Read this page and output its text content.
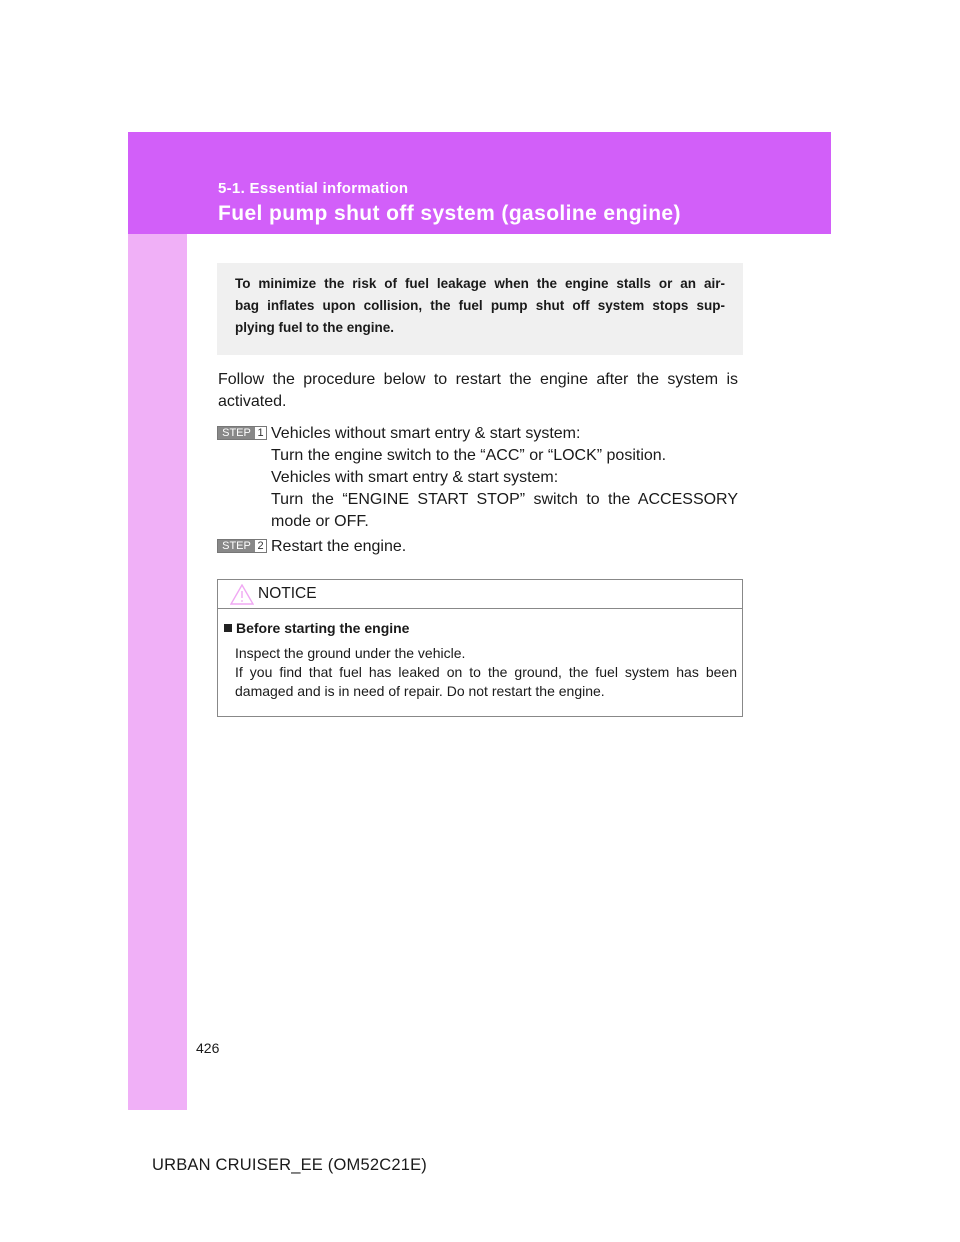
5-1. Essential information
Fuel pump shut off system (gasoline engine)
To minimize the risk of fuel leakage when the engine stalls or an air-
bag inflates upon collision, the fuel pump shut off system stops sup-
plying fuel to the engine.
Follow the procedure below to restart the engine after the system is activated.
STEP 1 Vehicles without smart entry & start system:
Turn the engine switch to the “ACC” or “LOCK” position.
Vehicles with smart entry & start system:
Turn the “ENGINE START STOP” switch to the ACCESSORY
mode or OFF.
STEP 2 Restart the engine.
NOTICE
Before starting the engine
Inspect the ground under the vehicle.
If you find that fuel has leaked on to the ground, the fuel system has been damaged and is in need of repair. Do not restart the engine.
426
URBAN CRUISER_EE (OM52C21E)
